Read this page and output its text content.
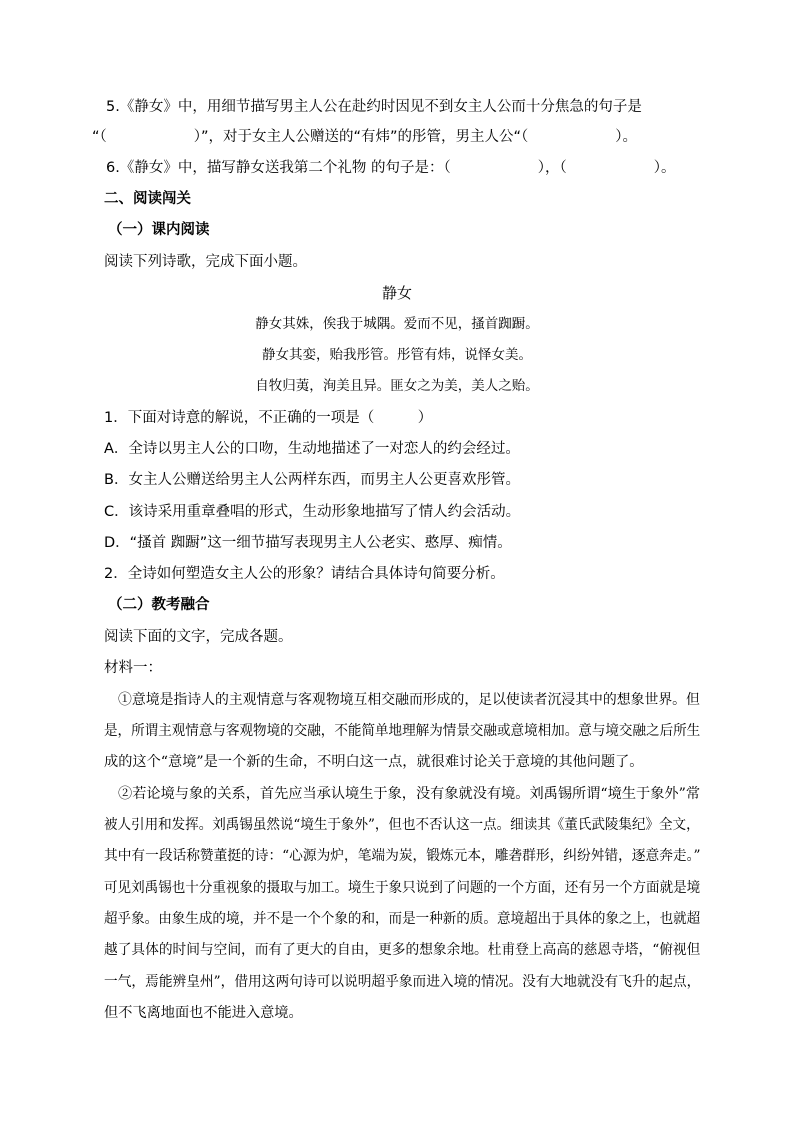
5.《静女》中，用细节描写男主人公在赴约时因见不到女主人公而十分焦急的句子是
“（　　　　　　）”，对于女主人公赠送的“有炜”的彤管，男主人公“（　　　　　　）。
6.《静女》中，描写静女送我第二个礼物 的句子是：（　　　　　　），（　　　　　　）。
二、阅读闯关
（一）课内阅读
阅读下列诗歌，完成下面小题。
静女
静女其姝，俟我于城隅。爱而不见，搔首踟蹰。
静女其娈，贻我彤管。彤管有炜，说怿女美。
自牧归荑，洵美且异。匪女之为美，美人之贻。
1．下面对诗意的解说，不正确的一项是（　　　）
A．全诗以男主人公的口吻，生动地描述了一对恋人的约会经过。
B．女主人公赠送给男主人公两样东西，而男主人公更喜欢彤管。
C．该诗采用重章叠唱的形式，生动形象地描写了情人约会活动。
D．“搔首 踟蹰”这一细节描写表现男主人公老实、憨厚、痴情。
2．全诗如何塑造女主人公的形象？请结合具体诗句简要分析。
（二）教考融合
阅读下面的文字，完成各题。
材料一：
①意境是指诗人的主观情意与客观物境互相交融而形成的，足以使读者沉浸其中的想象世界。但
是，所谓主观情意与客观物境的交融，不能简单地理解为情景交融或意境相加。意与境交融之后所生
成的这个“意境”是一个新的生命，不明白这一点，就很难讨论关于意境的其他问题了。
②若论境与象的关系，首先应当承认境生于象，没有象就没有境。刘禹锡所谓“境生于象外”常
被人引用和发挥。刘禹锡虽然说“境生于象外”，但也不否认这一点。细读其《董氏武陵集纪》全文，
其中有一段话称赞董挺的诗：“心源为炉，笔端为炭，锻炼元本，雕砻群形，纠纷舛错，逐意奔走。”
可见刘禹锡也十分重视象的摄取与加工。境生于象只说到了问题的一个方面，还有另一个方面就是境
超乎象。由象生成的境，并不是一个个象的和，而是一种新的质。意境超出于具体的象之上，也就超
越了具体的时间与空间，而有了更大的自由，更多的想象余地。杜甫登上高高的慈恩寺塔，“俯视但
一气，焉能辨皇州”，借用这两句诗可以说明超乎象而进入境的情况。没有大地就没有飞升的起点，
但不飞离地面也不能进入意境。
